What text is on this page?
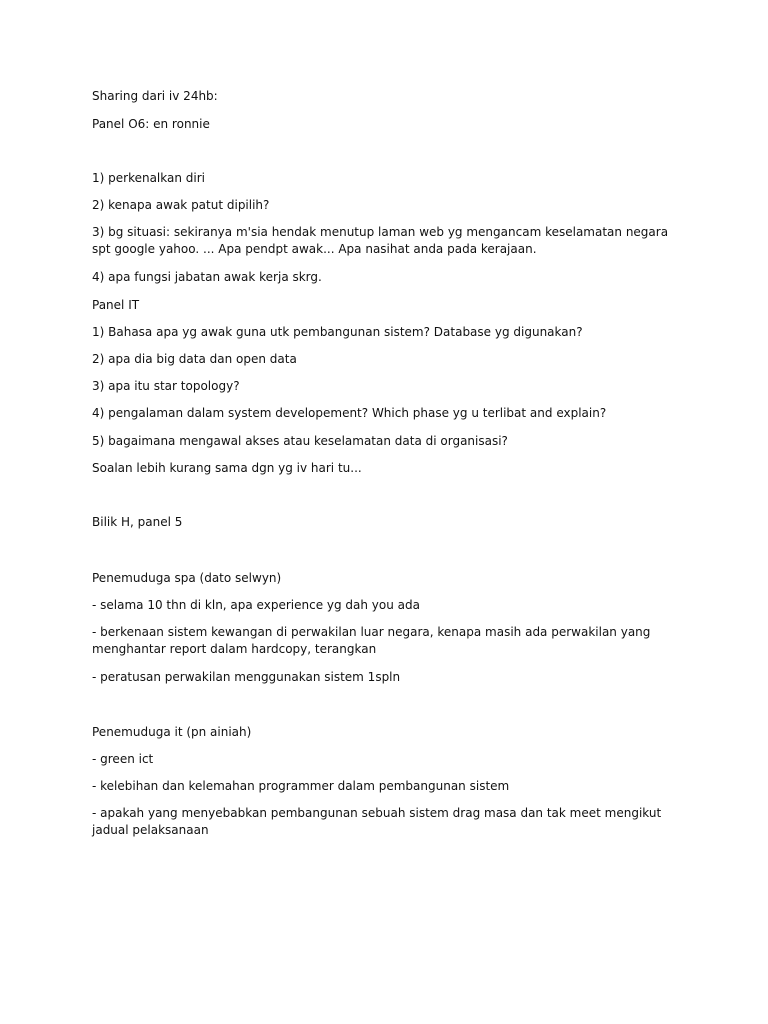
Sharing dari iv 24hb:

Panel O6: en ronnie

1) perkenalkan diri

2) kenapa awak patut dipilih?

3) bg situasi: sekiranya m'sia hendak menutup laman web yg mengancam keselamatan negara spt google yahoo. ... Apa pendpt awak... Apa nasihat anda pada kerajaan.

4) apa fungsi jabatan awak kerja skrg.

Panel IT

1) Bahasa apa yg awak guna utk pembangunan sistem? Database yg digunakan?

2) apa dia big data dan open data

3) apa itu star topology?

4) pengalaman dalam system developement? Which phase yg u terlibat and explain?

5) bagaimana mengawal akses atau keselamatan data di organisasi?

Soalan lebih kurang sama dgn yg iv hari tu...

Bilik H, panel 5

Penemuduga spa (dato selwyn)

- selama 10 thn di kln, apa experience yg dah you ada

- berkenaan sistem kewangan di perwakilan luar negara, kenapa masih ada perwakilan yang menghantar report dalam hardcopy, terangkan

- peratusan perwakilan menggunakan sistem 1spln

Penemuduga it (pn ainiah)

- green ict

- kelebihan dan kelemahan programmer dalam pembangunan sistem

- apakah yang menyebabkan pembangunan sebuah sistem drag masa dan tak meet mengikut jadual pelaksanaan
